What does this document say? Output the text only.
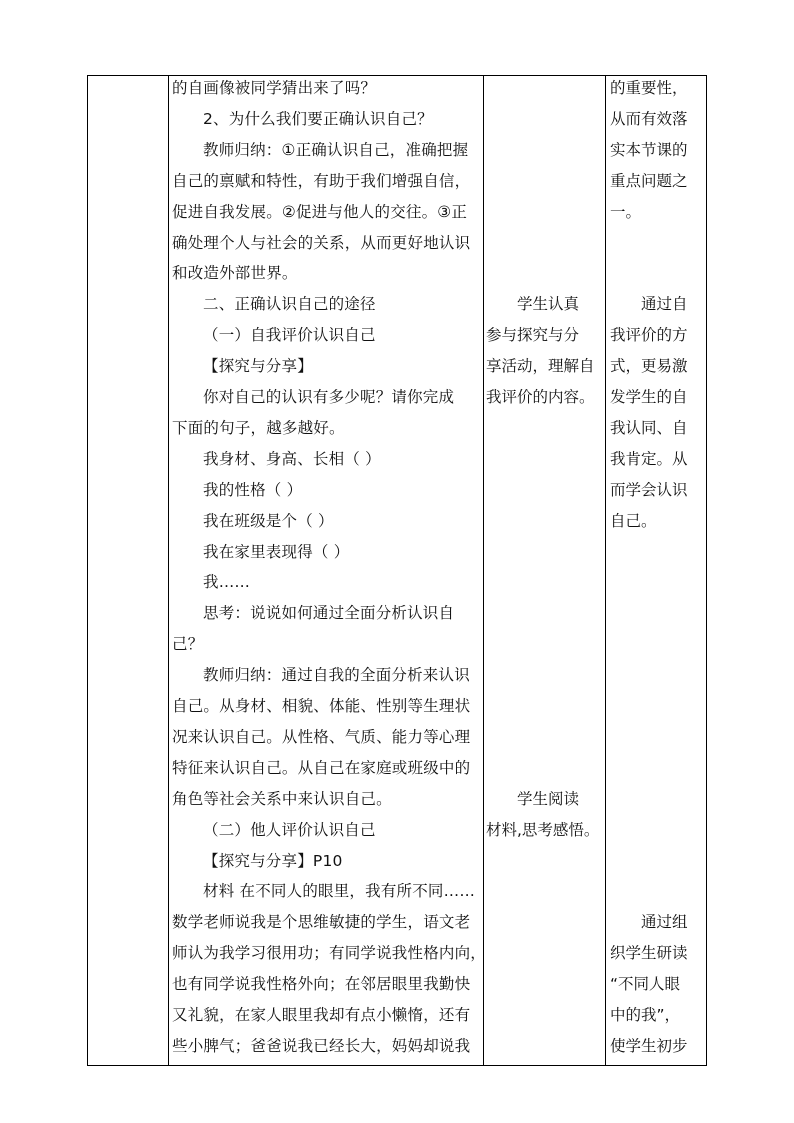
的自画像被同学猜出来了吗？
2、为什么我们要正确认识自己？
教师归纳：①正确认识自己，准确把握
自己的禀赋和特性，有助于我们增强自信，
促进自我发展。②促进与他人的交往。③正
确处理个人与社会的关系，从而更好地认识
和改造外部世界。
二、正确认识自己的途径
（一）自我评价认识自己
【探究与分享】
你对自己的认识有多少呢？请你完成
下面的句子，越多越好。
我身材、身高、长相（ ）
我的性格（ ）
我在班级是个（ ）
我在家里表现得（ ）
我……
思考：说说如何通过全面分析认识自
己？
教师归纳：通过自我的全面分析来认识
自己。从身材、相貌、体能、性别等生理状
况来认识自己。从性格、气质、能力等心理
特征来认识自己。从自己在家庭或班级中的
角色等社会关系中来认识自己。
（二）他人评价认识自己
【探究与分享】P10
材料 在不同人的眼里，我有所不同……
数学老师说我是个思维敏捷的学生，语文老
师认为我学习很用功；有同学说我性格内向，
也有同学说我性格外向；在邻居眼里我勤快
又礼貌，在家人眼里我却有点小懒惰，还有
些小脾气；爸爸说我已经长大，妈妈却说我
学生认真
参与探究与分
享活动，理解自
我评价的内容。
学生阅读
材料,思考感悟。
的重要性，
从而有效落
实本节课的
重点问题之
一。
通过自
我评价的方
式，更易激
发学生的自
我认同、自
我肯定。从
而学会认识
自己。
通过组
织学生研读
“不同人眼
中的我”，
使学生初步
